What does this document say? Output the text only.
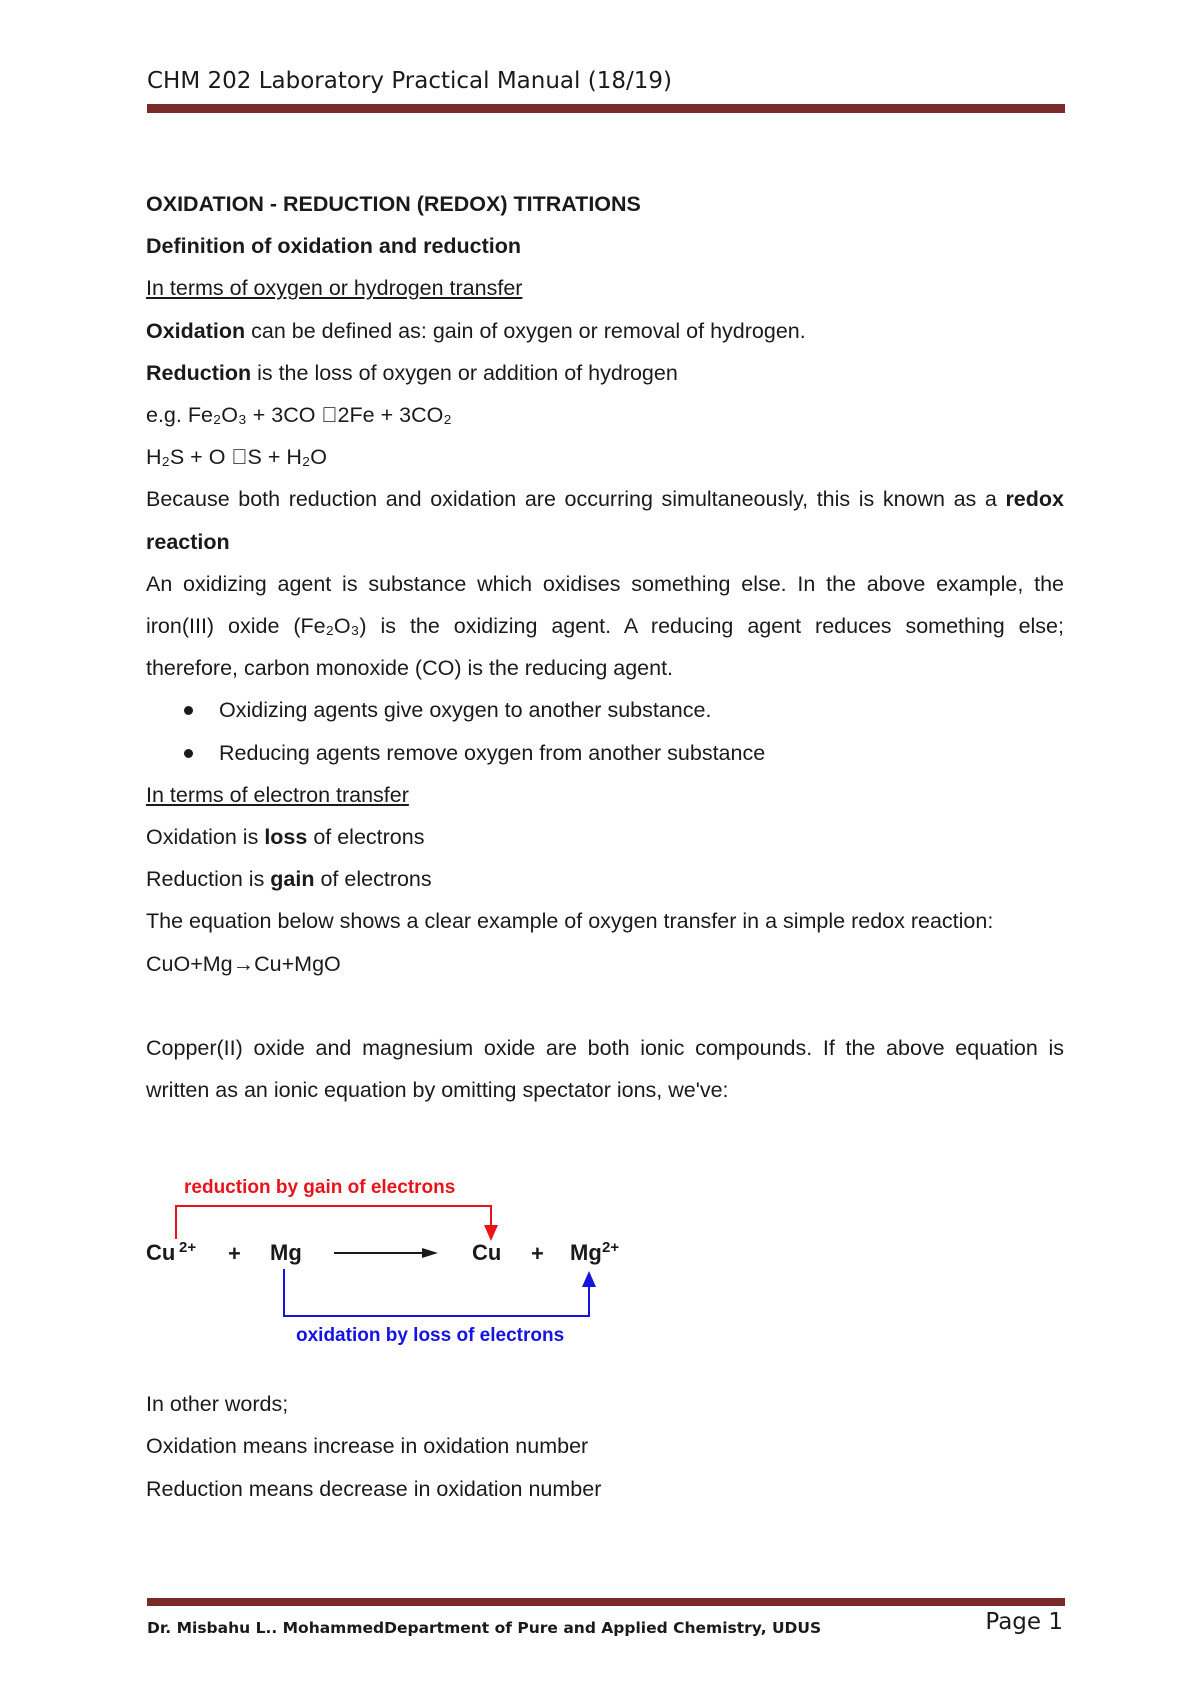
CHM 202 Laboratory Practical Manual (18/19)

OXIDATION - REDUCTION (REDOX) TITRATIONS

Definition of oxidation and reduction

In terms of oxygen or hydrogen transfer

Oxidation can be defined as: gain of oxygen or removal of hydrogen.

Reduction is the loss of oxygen or addition of hydrogen

e.g. Fe₂O₃ + 3CO  2Fe + 3CO₂

H₂S + O  S + H₂O

Because both reduction and oxidation are occurring simultaneously, this is known as a redox reaction

An oxidizing agent is substance which oxidises something else. In the above example, the iron(III) oxide (Fe₂O₃) is the oxidizing agent. A reducing agent reduces something else; therefore, carbon monoxide (CO) is the reducing agent.

Oxidizing agents give oxygen to another substance.
Reducing agents remove oxygen from another substance

In terms of electron transfer

Oxidation is loss of electrons

Reduction is gain of electrons

The equation below shows a clear example of oxygen transfer in a simple redox reaction:

CuO+Mg→Cu+MgO

Copper(II) oxide and magnesium oxide are both ionic compounds. If the above equation is written as an ionic equation by omitting spectator ions, we've:

reduction by gain of electrons
Cu 2+ + Mg	Cu + Mg 2+
oxidation by loss of electrons

In other words;

Oxidation means increase in oxidation number

Reduction means decrease in oxidation number

Dr. Misbahu L.. MohammedDepartment of Pure and Applied Chemistry, UDUS	Page 1
